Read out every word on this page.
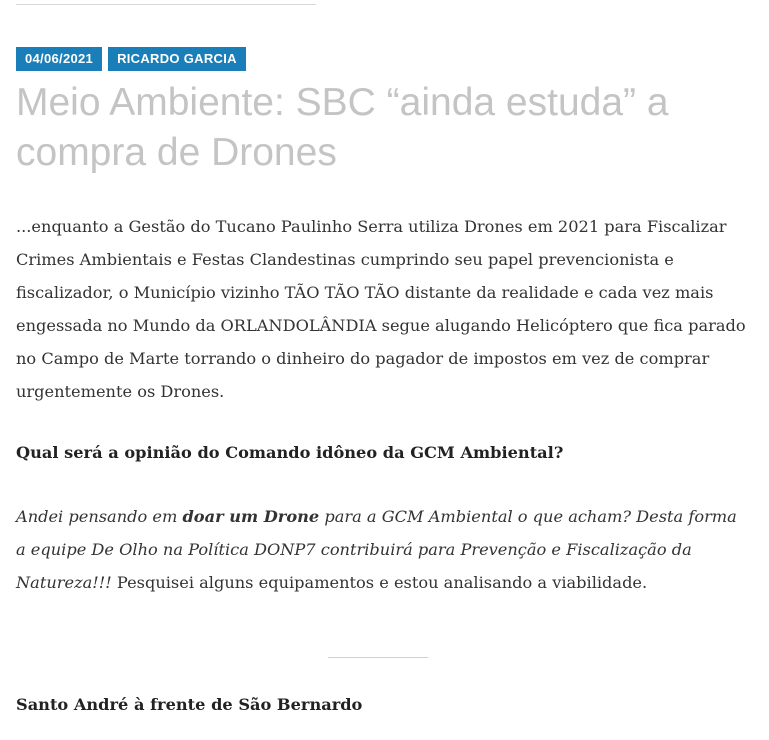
04/06/2021	RICARDO GARCIA
Meio Ambiente: SBC “ainda estuda” a compra de Drones

...enquanto a Gestão do Tucano Paulinho Serra utiliza Drones em 2021 para Fiscalizar Crimes Ambientais e Festas Clandestinas cumprindo seu papel prevencionista e fiscalizador, o Município vizinho TÃO TÃO TÃO distante da realidade e cada vez mais engessada no Mundo da ORLANDOLÂNDIA segue alugando Helicóptero que fica parado no Campo de Marte torrando o dinheiro do pagador de impostos em vez de comprar urgentemente os Drones.

Qual será a opinião do Comando idôneo da GCM Ambiental?

Andei pensando em doar um Drone para a GCM Ambiental o que acham? Desta forma a equipe De Olho na Política DONP7 contribuirá para Prevenção e Fiscalização da Natureza!!! Pesquisei alguns equipamentos e estou analisando a viabilidade.

Santo André à frente de São Bernardo
